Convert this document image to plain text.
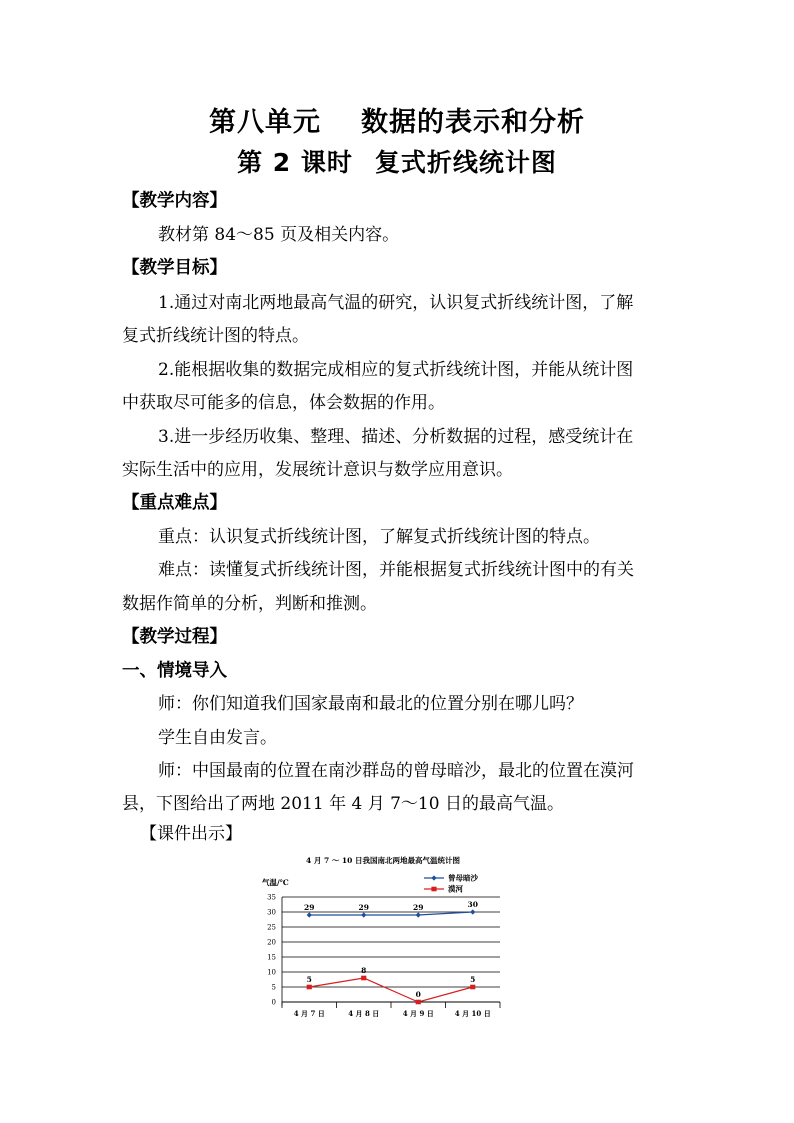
第八单元 数据的表示和分析
第 2 课时 复式折线统计图
【教学内容】
教材第 84～85 页及相关内容。
【教学目标】
1.通过对南北两地最高气温的研究，认识复式折线统计图，了解
复式折线统计图的特点。
2.能根据收集的数据完成相应的复式折线统计图，并能从统计图
中获取尽可能多的信息，体会数据的作用。
3.进一步经历收集、整理、描述、分析数据的过程，感受统计在
实际生活中的应用，发展统计意识与数学应用意识。
【重点难点】
重点：认识复式折线统计图，了解复式折线统计图的特点。
难点：读懂复式折线统计图，并能根据复式折线统计图中的有关
数据作简单的分析，判断和推测。
【教学过程】
一、情境导入
师：你们知道我们国家最南和最北的位置分别在哪儿吗？
学生自由发言。
师：中国最南的位置在南沙群岛的曾母暗沙，最北的位置在漠河
县，下图给出了两地 2011 年 4 月 7～10 日的最高气温。
【课件出示】
4 月 7 ～ 10 日我国南北两地最高气温统计图
气温/℃
0
5
10
15
20
25
30
35
4 月 7 日	4 月 8 日	4 月 9 日	4 月 10 日
29	29	29	30
曾母暗沙
5
8
0
5
漠河
